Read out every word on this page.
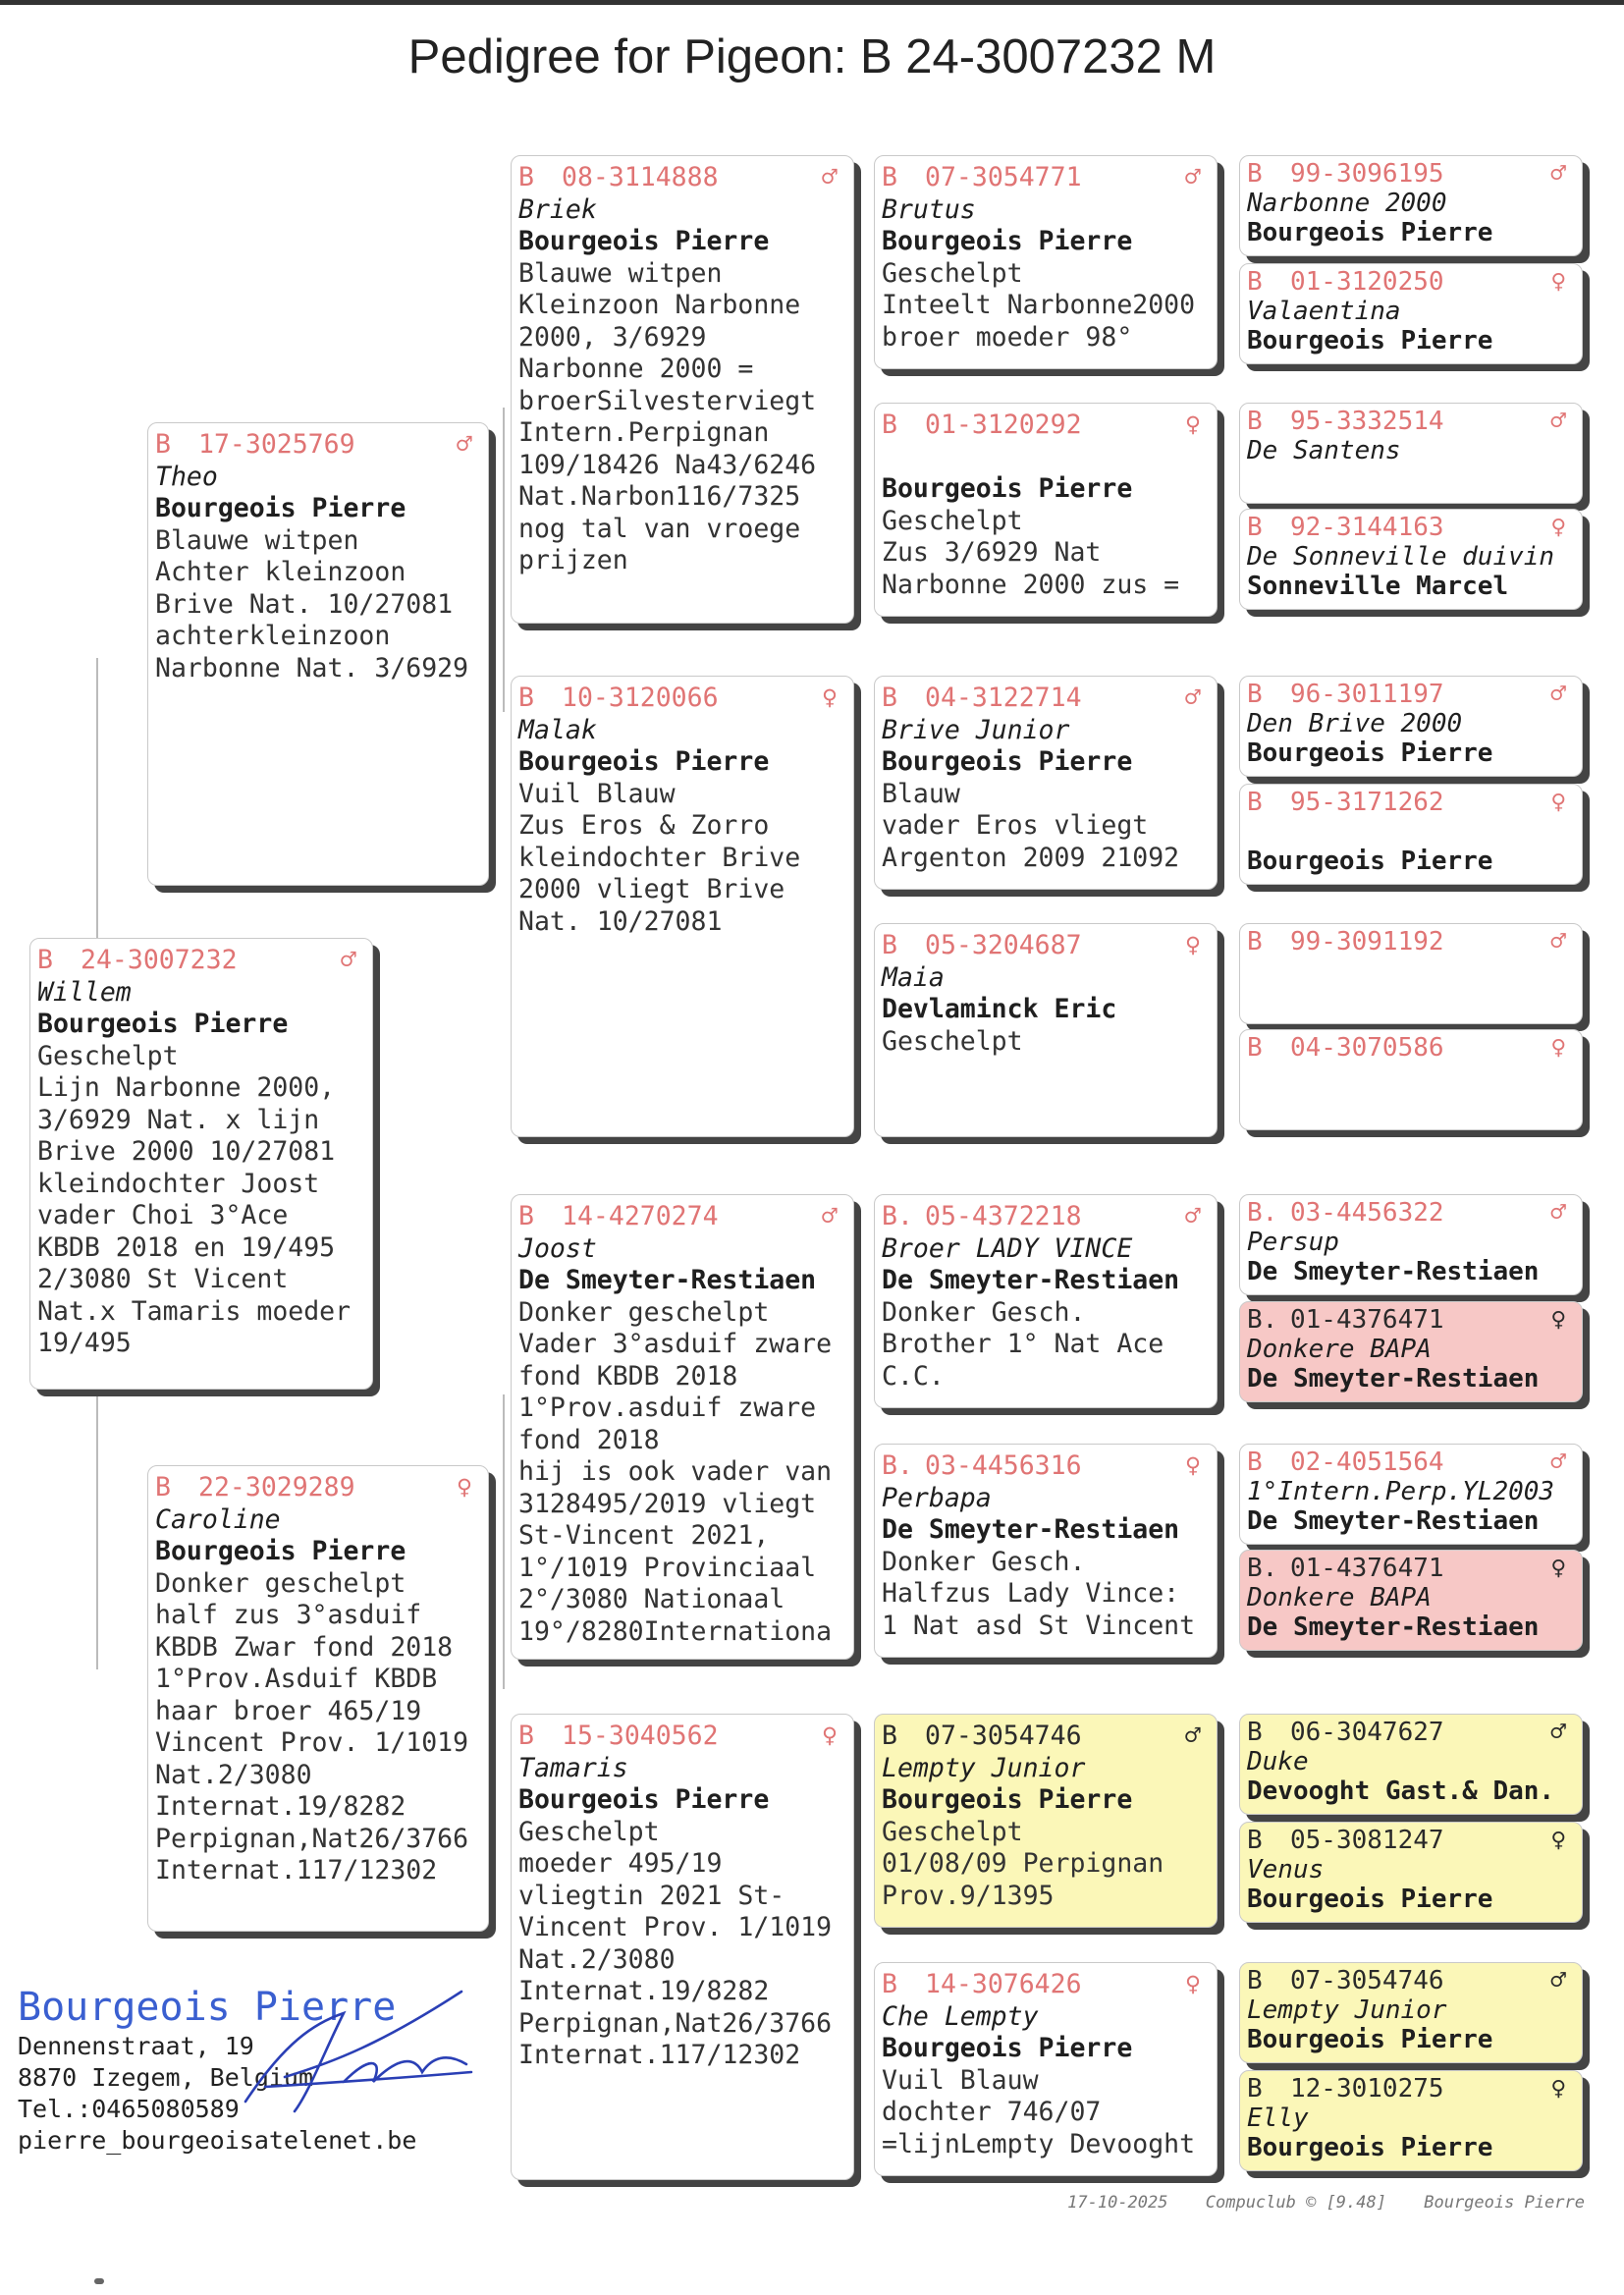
Pedigree for Pigeon: B 24-3007232 M
B 24-3007232	♂
Willem
Bourgeois Pierre
Geschelpt
Lijn Narbonne 2000,
3/6929 Nat. x lijn
Brive 2000 10/27081
kleindochter Joost
vader Choi 3°Ace
KBDB 2018 en 19/495
2/3080 St Vicent
Nat.x Tamaris moeder
19/495
B 17-3025769	♂
Theo
Bourgeois Pierre
Blauwe witpen
Achter kleinzoon
Brive Nat. 10/27081
achterkleinzoon
Narbonne Nat. 3/6929
B 22-3029289	♀
Caroline
Bourgeois Pierre
Donker geschelpt
half zus 3°asduif
KBDB Zwar fond 2018
1°Prov.Asduif KBDB
haar broer 465/19
Vincent Prov. 1/1019
Nat.2/3080
Internat.19/8282
Perpignan,Nat26/3766
Internat.117/12302
B 08-3114888	♂
Briek
Bourgeois Pierre
Blauwe witpen
Kleinzoon Narbonne
2000, 3/6929
Narbonne 2000 =
broerSilvesterviegt
Intern.Perpignan
109/18426 Na43/6246
Nat.Narbon116/7325
nog tal van vroege
prijzen
B 10-3120066	♀
Malak
Bourgeois Pierre
Vuil Blauw
Zus Eros & Zorro
kleindochter Brive
2000 vliegt Brive
Nat. 10/27081
B 14-4270274	♂
Joost
De Smeyter-Restiaen
Donker geschelpt
Vader 3°asduif zware
fond KBDB 2018
1°Prov.asduif zware
fond 2018
hij is ook vader van
3128495/2019 vliegt
St-Vincent 2021,
1°/1019 Provinciaal
2°/3080 Nationaal
19°/8280Internationa
B 15-3040562	♀
Tamaris
Bourgeois Pierre
Geschelpt
moeder 495/19
vliegtin 2021 St-
Vincent Prov. 1/1019
Nat.2/3080
Internat.19/8282
Perpignan,Nat26/3766
Internat.117/12302
B 07-3054771	♂
Brutus
Bourgeois Pierre
Geschelpt
Inteelt Narbonne2000
broer moeder 98°
B 01-3120292	♀

Bourgeois Pierre
Geschelpt
Zus 3/6929 Nat
Narbonne 2000 zus =
B 04-3122714	♂
Brive Junior
Bourgeois Pierre
Blauw
vader Eros vliegt
Argenton 2009 21092
B 05-3204687	♀
Maia
Devlaminck Eric
Geschelpt
B. 05-4372218	♂
Broer LADY VINCE
De Smeyter-Restiaen
Donker Gesch.
Brother 1° Nat Ace
C.C.
B. 03-4456316	♀
Perbapa
De Smeyter-Restiaen
Donker Gesch.
Halfzus Lady Vince:
1 Nat asd St Vincent
B 07-3054746	♂
Lempty Junior
Bourgeois Pierre
Geschelpt
01/08/09 Perpignan
Prov.9/1395
B 14-3076426	♀
Che Lempty
Bourgeois Pierre
Vuil Blauw
dochter 746/07
=lijnLempty Devooght
B 99-3096195	♂
Narbonne 2000
Bourgeois Pierre
B 01-3120250	♀
Valaentina
Bourgeois Pierre
B 95-3332514	♂
De Santens
B 92-3144163	♀
De Sonneville duivin
Sonneville Marcel
B 96-3011197	♂
Den Brive 2000
Bourgeois Pierre
B 95-3171262	♀

Bourgeois Pierre
B 99-3091192	♂

B 04-3070586	♀

B. 03-4456322	♂
Persup
De Smeyter-Restiaen
B. 01-4376471	♀
Donkere BAPA
De Smeyter-Restiaen
B 02-4051564	♂
1°Intern.Perp.YL2003
De Smeyter-Restiaen
B. 01-4376471	♀
Donkere BAPA
De Smeyter-Restiaen
B 06-3047627	♂
Duke
Devooght Gast.& Dan.
B 05-3081247	♀
Venus
Bourgeois Pierre
B 07-3054746	♂
Lempty Junior
Bourgeois Pierre
B 12-3010275	♀
Elly
Bourgeois Pierre
Bourgeois Pierre
Dennenstraat, 19
8870 Izegem, Belgium
Tel.:0465080589
pierre_bourgeoisatelenet.be
17-10-2025 Compuclub © [9.48] Bourgeois Pierre
